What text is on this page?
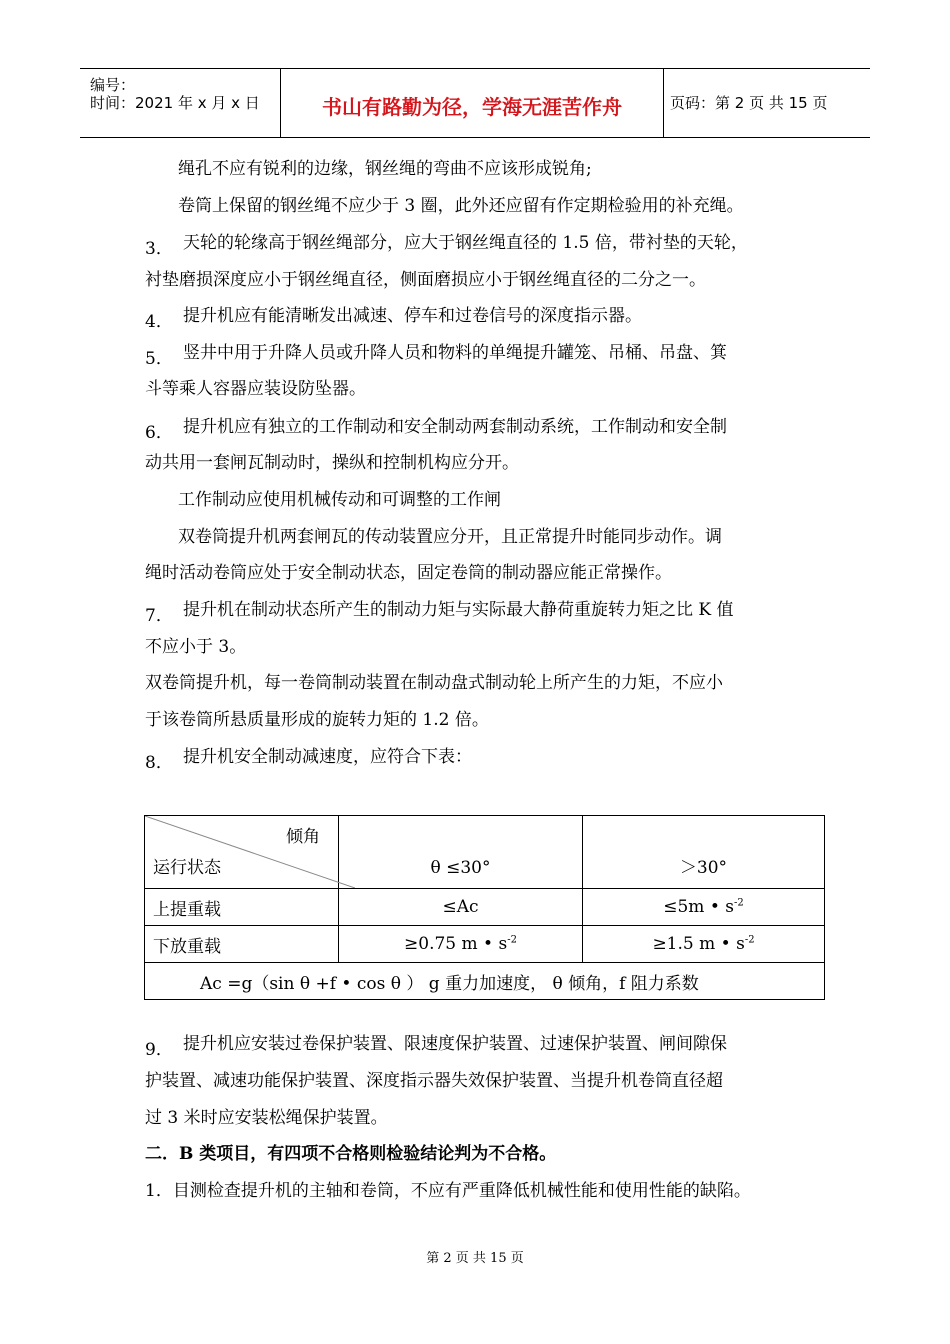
编号：
时间：2021 年 x 月 x 日	书山有路勤为径，学海无涯苦作舟	页码：第 2 页 共 15 页
绳孔不应有锐利的边缘，钢丝绳的弯曲不应该形成锐角;
卷筒上保留的钢丝绳不应少于 3 圈，此外还应留有作定期检验用的补充绳。
3． 天轮的轮缘高于钢丝绳部分，应大于钢丝绳直径的 1.5 倍，带衬垫的天轮，
衬垫磨损深度应小于钢丝绳直径，侧面磨损应小于钢丝绳直径的二分之一。
4． 提升机应有能清晰发出减速、停车和过卷信号的深度指示器。
5． 竖井中用于升降人员或升降人员和物料的单绳提升罐笼、吊桶、吊盘、箕
斗等乘人容器应装设防坠器。
6． 提升机应有独立的工作制动和安全制动两套制动系统，工作制动和安全制
动共用一套闸瓦制动时，操纵和控制机构应分开。
工作制动应使用机械传动和可调整的工作闸
双卷筒提升机两套闸瓦的传动装置应分开，且正常提升时能同步动作。调
绳时活动卷筒应处于安全制动状态，固定卷筒的制动器应能正常操作。
7． 提升机在制动状态所产生的制动力矩与实际最大静荷重旋转力矩之比 K 值
不应小于 3。
双卷筒提升机，每一卷筒制动装置在制动盘式制动轮上所产生的力矩，不应小
于该卷筒所悬质量形成的旋转力矩的 1.2 倍。
8． 提升机安全制动减速度，应符合下表：
倾角
运行状态	θ ≤30°	＞30°
上提重载	≤Ac	≤5m • $s^{-2}$
下放重载	≥0.75 m • $s^{-2}$	≥1.5 m • $s^{-2}$
Ac =g（sin θ +f • cos θ ） g 重力加速度， θ 倾角，f 阻力系数		
9． 提升机应安装过卷保护装置、限速度保护装置、过速保护装置、闸间隙保
护装置、减速功能保护装置、深度指示器失效保护装置、当提升机卷筒直径超
过 3 米时应安装松绳保护装置。
二．B 类项目，有四项不合格则检验结论判为不合格。
1．目测检查提升机的主轴和卷筒，不应有严重降低机械性能和使用性能的缺陷。
第 2 页 共 15 页
